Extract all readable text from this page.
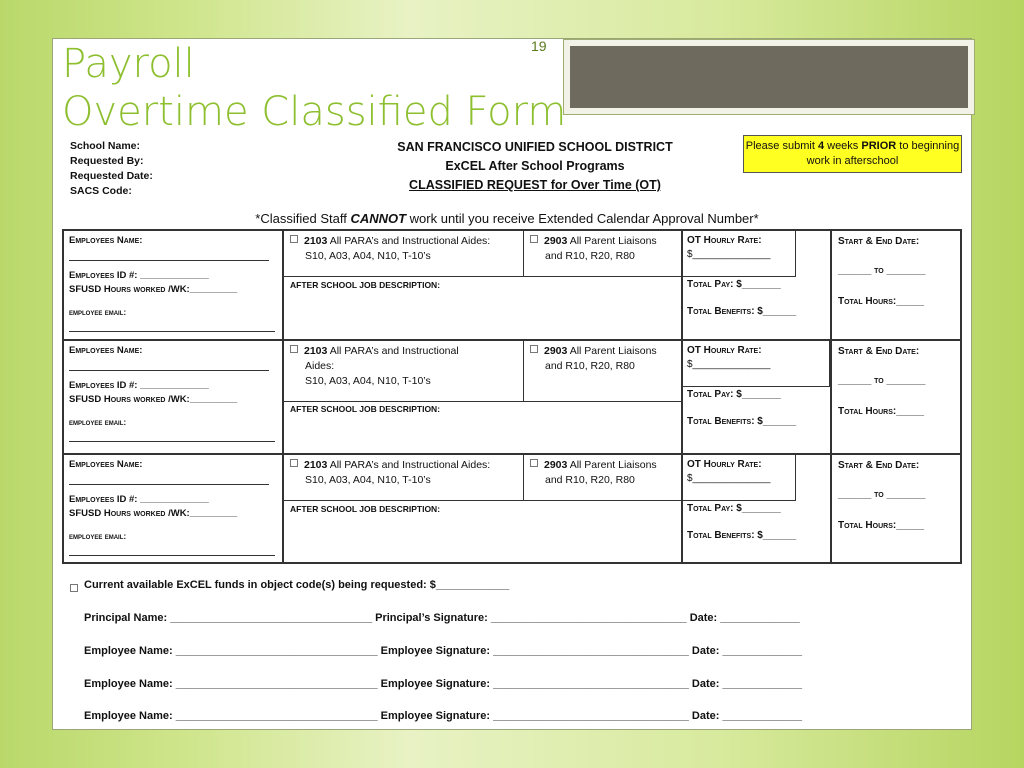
19
Payroll
Overtime Classified Form
School Name:
Requested By:
Requested Date:
SACS Code:
SAN FRANCISCO UNIFIED SCHOOL DISTRICT
ExCEL After School Programs
CLASSIFIED REQUEST for Over Time (OT)
Please submit 4 weeks PRIOR to beginning work in afterschool
*Classified Staff CANNOT work until you receive Extended Calendar Approval Number*
Employees Name:
Employees ID #: _____________
SFUSD Hours worked /WK:_________
employee email:
2103 All PARA’s and Instructional Aides:
S10, A03, A04, N10, T-10’s
2903 All Parent Liaisons
and R10, R20, R80
AFTER SCHOOL JOB DESCRIPTION:
OT Hourly Rate:
$______________
Total Pay: $_______
Total Benefits: $______
Start & End Date:
______ to _______
Total Hours:_____
Employees Name:
Employees ID #: _____________
SFUSD Hours worked /WK:_________
employee email:
2103 All PARA’s and Instructional
Aides:
S10, A03, A04, N10, T-10’s
2903 All Parent Liaisons
and R10, R20, R80
AFTER SCHOOL JOB DESCRIPTION:
OT Hourly Rate:
$______________
Total Pay: $_______
Total Benefits: $______
Start & End Date:
______ to _______
Total Hours:_____
Employees Name:
Employees ID #: _____________
SFUSD Hours worked /WK:_________
employee email:
2103 All PARA’s and Instructional Aides:
S10, A03, A04, N10, T-10’s
2903 All Parent Liaisons
and R10, R20, R80
AFTER SCHOOL JOB DESCRIPTION:
OT Hourly Rate:
$______________
Total Pay: $_______
Total Benefits: $______
Start & End Date:
______ to _______
Total Hours:_____
Current available ExCEL funds in object code(s) being requested: $____________
Principal Name: _________________________________ Principal’s Signature: ________________________________ Date: _____________
Employee Name: _________________________________ Employee Signature: ________________________________ Date: _____________
Employee Name: _________________________________ Employee Signature: ________________________________ Date: _____________
Employee Name: _________________________________ Employee Signature: ________________________________ Date: _____________
